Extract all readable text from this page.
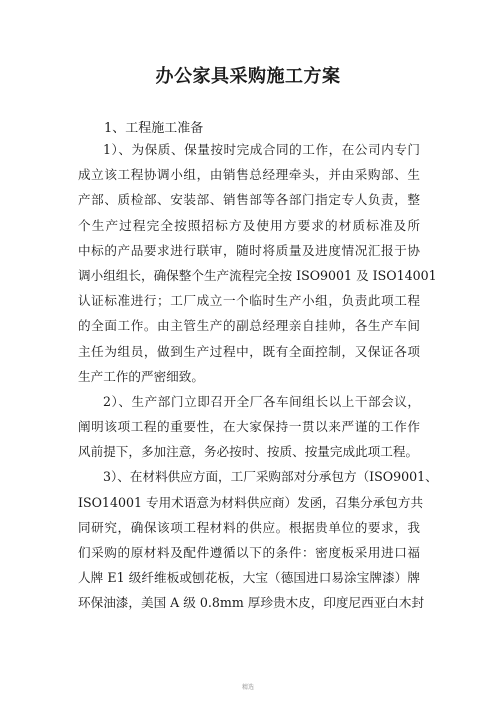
办公家具采购施工方案
1、工程施工准备
1）、为保质、保量按时完成合同的工作，在公司内专门
成立该工程协调小组，由销售总经理牵头，并由采购部、生
产部、质检部、安装部、销售部等各部门指定专人负责，整
个生产过程完全按照招标方及使用方要求的材质标准及所
中标的产品要求进行联审，随时将质量及进度情况汇报于协
调小组组长，确保整个生产流程完全按 ISO9001 及 ISO14001
认证标准进行；工厂成立一个临时生产小组，负责此项工程
的全面工作。由主管生产的副总经理亲自挂帅，各生产车间
主任为组员，做到生产过程中，既有全面控制，又保证各项
生产工作的严密细致。
2）、生产部门立即召开全厂各车间组长以上干部会议，
阐明该项工程的重要性，在大家保持一贯以来严谨的工作作
风前提下，多加注意，务必按时、按质、按量完成此项工程。
3）、在材料供应方面，工厂采购部对分承包方（ISO9001、
ISO14001 专用术语意为材料供应商）发函，召集分承包方共
同研究，确保该项工程材料的供应。根据贵单位的要求，我
们采购的原材料及配件遵循以下的条件：密度板采用进口福
人牌 E1 级纤维板或刨花板，大宝（德国进口易涂宝牌漆）牌
环保油漆，美国 A 级 0.8mm 厚珍贵木皮，印度尼西亚白木封
精选
